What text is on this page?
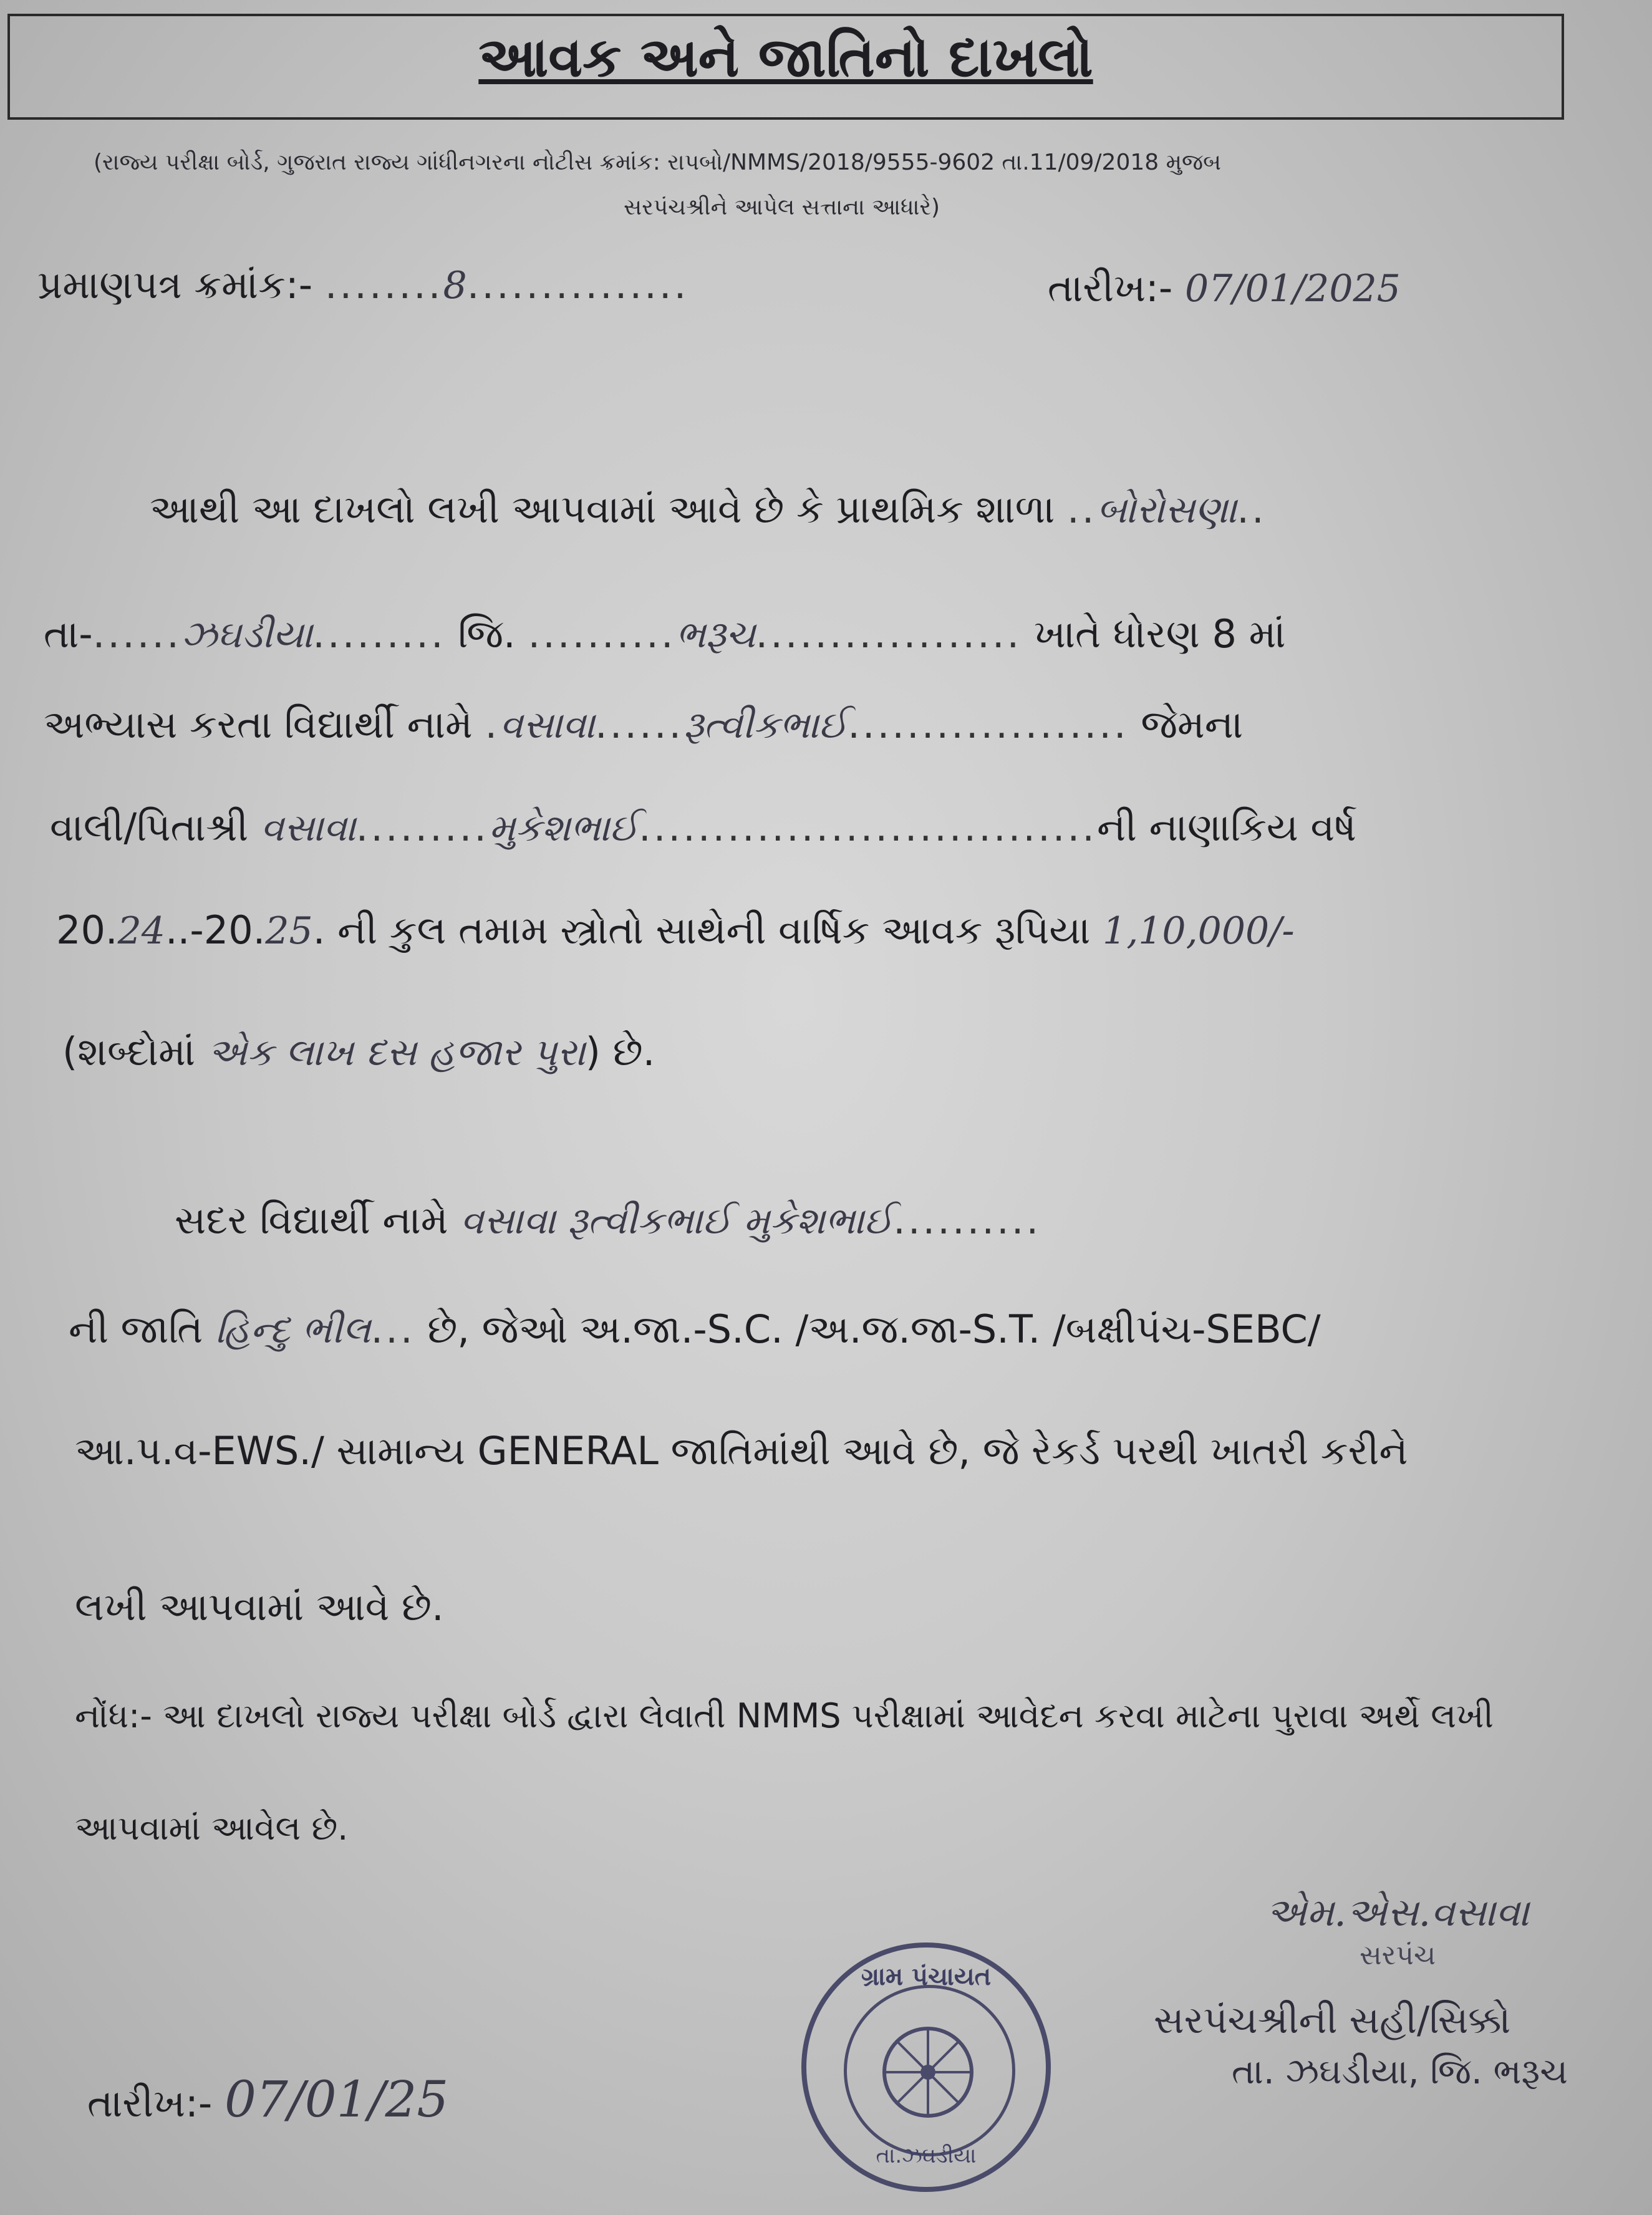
આવક અને જાતિનો દાખલો
(રાજ્ય પરીક્ષા બોર્ડ, ગુજરાત રાજ્ય ગાંધીનગરના નોટીસ ક્રમાંક: રાપબો/NMMS/2018/9555-9602 તા.11/09/2018 મુજબ
સરપંચશ્રીને આપેલ સત્તાના આધારે)
પ્રમાણપત્ર ક્રમાંક:- ........8...............	તારીખ:- 07/01/2025
આથી આ દાખલો લખી આપવામાં આવે છે કે પ્રાથમિક શાળા ..બોરોસણા..
તા-......ઝઘડીયા......... જિ. ..........ભરૂચ.................. ખાતે ધોરણ 8 માં
અભ્યાસ કરતા વિદ્યાર્થી નામે .વસાવા......રૂત્વીકભાઈ................... જેમના
વાલી/પિતાશ્રી વસાવા.........મુકેશભાઈ...............................ની નાણાકિય વર્ષ
20.24..-20.25. ની કુલ તમામ સ્ત્રોતો સાથેની વાર્ષિક આવક રૂપિયા 1,10,000/-
(શબ્દોમાં એક લાખ દસ હજાર પુરા) છે.
સદર વિદ્યાર્થી નામે વસાવા રૂત્વીકભાઈ મુકેશભાઈ..........
ની જાતિ હિન્દુ ભીલ... છે, જેઓ અ.જા.-S.C. /અ.જ.જા-S.T. /બક્ષીપંચ-SEBC/
આ.પ.વ-EWS./ સામાન્ય GENERAL જાતિમાંથી આવે છે, જે રેકર્ડ પરથી ખાતરી કરીને
લખી આપવામાં આવે છે.
નોંધ:- આ દાખલો રાજ્ય પરીક્ષા બોર્ડ દ્વારા લેવાતી NMMS પરીક્ષામાં આવેદન કરવા માટેના પુરાવા અર્થે લખી
આપવામાં આવેલ છે.
એમ.એસ.વસાવા
સરપંચ
સરપંચશ્રીની સહી/સિક્કો
તા. ઝઘડીયા, જિ. ભરૂચ
ગ્રામ પંચાયત
તા.ઝઘડીયા
તારીખ:- 07/01/25
